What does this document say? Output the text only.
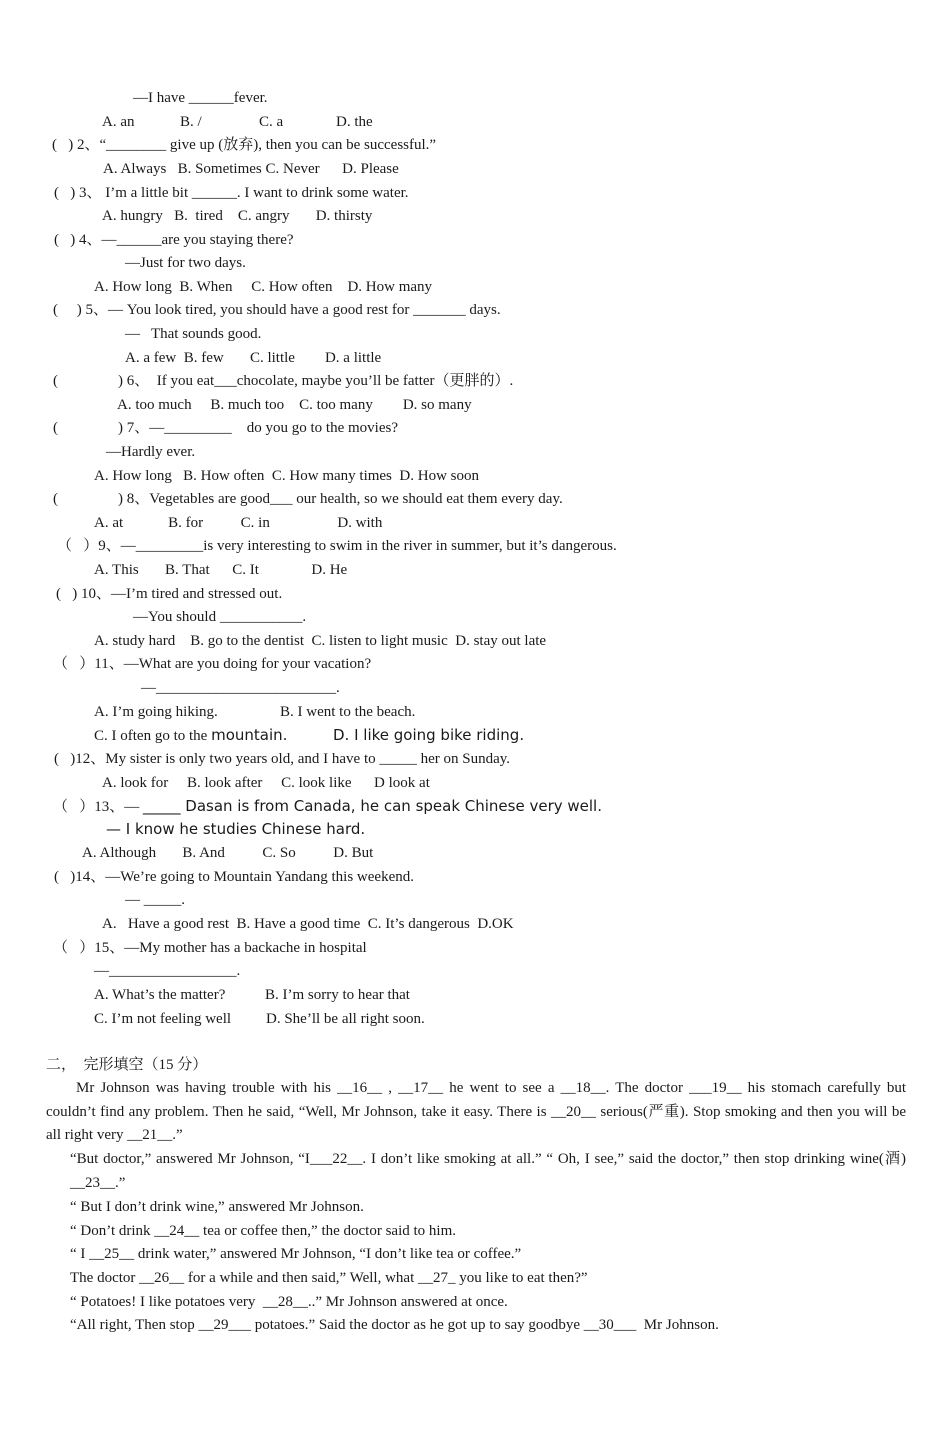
—I have ______fever.
A. an	B. /	C. a	D. the
(   ) 2、“________ give up (放弃), then you can be successful.”
A. Always   B. Sometimes C. Never      D. Please
(   ) 3、 I’m a little bit ______. I want to drink some water.
A. hungry   B.  tired    C. angry       D. thirsty
(   ) 4、—______are you staying there?
—Just for two days.
A. How long  B. When     C. How often    D. How many
(     ) 5、— You look tired, you should have a good rest for _______ days.
—   That sounds good.
A. a few  B. few       C. little        D. a little
(	) 6、  If you eat___chocolate, maybe you’ll be fatter（更胖的）.
A. too much     B. much too    C. too many        D. so many
(	) 7、—_________    do you go to the movies?
—Hardly ever.
A. How long   B. How often  C. How many times  D. How soon
(	) 8、Vegetables are good___ our health, so we should eat them every day.
A. at            B. for          C. in                  D. with
（   ）9、—_________is very interesting to swim in the river in summer, but it’s dangerous.
A. This       B. That      C. It              D. He
(   ) 10、—I’m tired and stressed out.
—You should ___________.
A. study hard    B. go to the dentist  C. listen to light music  D. stay out late
（   ）11、—What are you doing for your vacation?
—________________________.
A. I’m going hiking.	B. I went to the beach.
C. I often go to the mountain.	D. I like going bike riding.
(   )12、My sister is only two years old, and I have to _____ her on Sunday.
A. look for     B. look after     C. look like      D look at
（   ）13、— _____ Dasan is from Canada, he can speak Chinese very well.
— I know he studies Chinese hard.
A. Although       B. And          C. So          D. But
(   )14、—We’re going to Mountain Yandang this weekend.
— _____.
A.   Have a good rest  B. Have a good time  C. It’s dangerous  D.OK
（   ）15、—My mother has a backache in hospital
—_________________.
A. What’s the matter?	B. I’m sorry to hear that
C. I’m not feeling well D. She’ll be all right soon.
二，  完形填空（15 分）
Mr Johnson was having trouble with his __16__ , __17__ he went to see a __18__. The doctor ___19__ his stomach carefully but couldn’t find any problem. Then he said, “Well, Mr Johnson, take it easy. There is __20__ serious(严重). Stop smoking and then you will be all right very __21__.”
“But doctor,” answered Mr Johnson, “I___22__. I don’t like smoking at all.” “ Oh, I see,” said the doctor,” then stop drinking wine(酒) __23__.”
“ But I don’t drink wine,” answered Mr Johnson.
“ Don’t drink __24__ tea or coffee then,” the doctor said to him.
“ I __25__ drink water,” answered Mr Johnson, “I don’t like tea or coffee.”
The doctor __26__ for a while and then said,” Well, what __27_ you like to eat then?”
“ Potatoes! I like potatoes very  __28__..” Mr Johnson answered at once.
“All right, Then stop __29___ potatoes.” Said the doctor as he got up to say goodbye __30___  Mr Johnson.
